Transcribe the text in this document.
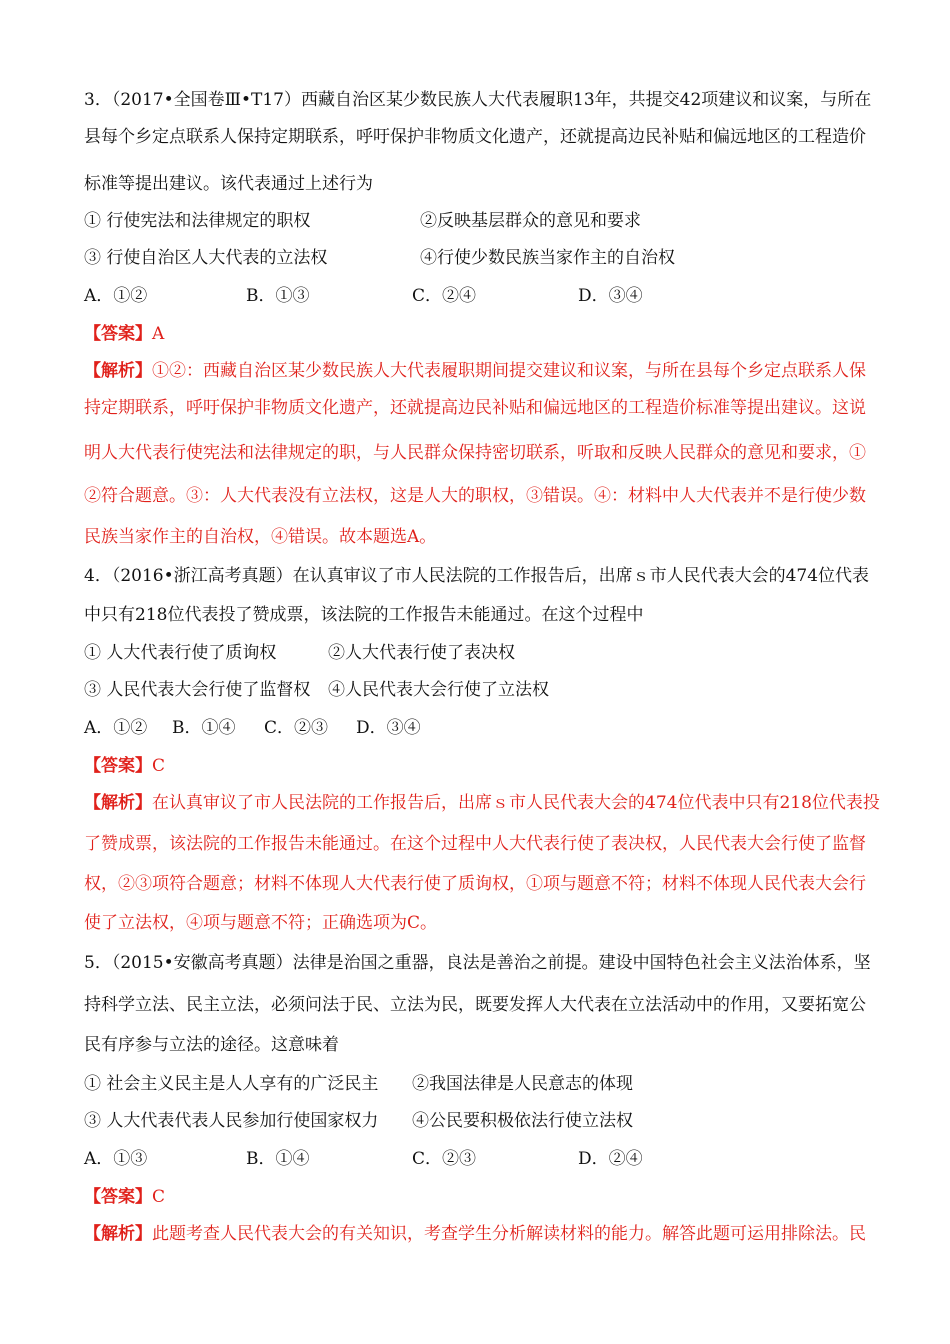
3．（2017•全国卷Ⅲ•T17）西藏自治区某少数民族人大代表履职13年，共提交42项建议和议案，与所在
县每个乡定点联系人保持定期联系，呼吁保护非物质文化遗产，还就提高边民补贴和偏远地区的工程造价
标准等提出建议。该代表通过上述行为
① 行使宪法和法律规定的职权	②反映基层群众的意见和要求
③ 行使自治区人大代表的立法权	④行使少数民族当家作主的自治权
A．①②	B．①③	C．②④	D．③④
【答案】A
【解析】①②：西藏自治区某少数民族人大代表履职期间提交建议和议案，与所在县每个乡定点联系人保
持定期联系，呼吁保护非物质文化遗产，还就提高边民补贴和偏远地区的工程造价标准等提出建议。这说
明人大代表行使宪法和法律规定的职，与人民群众保持密切联系，听取和反映人民群众的意见和要求，①
②符合题意。③：人大代表没有立法权，这是人大的职权，③错误。④：材料中人大代表并不是行使少数
民族当家作主的自治权，④错误。故本题选A。
4．（2016•浙江高考真题）在认真审议了市人民法院的工作报告后，出席ｓ市人民代表大会的474位代表
中只有218位代表投了赞成票，该法院的工作报告未能通过。在这个过程中
① 人大代表行使了质询权	②人大代表行使了表决权
③ 人民代表大会行使了监督权 ④人民代表大会行使了立法权
A．①② B．①④ C．②③ D．③④
【答案】C
【解析】在认真审议了市人民法院的工作报告后，出席ｓ市人民代表大会的474位代表中只有218位代表投
了赞成票，该法院的工作报告未能通过。在这个过程中人大代表行使了表决权，人民代表大会行使了监督
权，②③项符合题意；材料不体现人大代表行使了质询权，①项与题意不符；材料不体现人民代表大会行
使了立法权，④项与题意不符；正确选项为C。
5．（2015•安徽高考真题）法律是治国之重器，良法是善治之前提。建设中国特色社会主义法治体系，坚
持科学立法、民主立法，必须问法于民、立法为民，既要发挥人大代表在立法活动中的作用，又要拓宽公
民有序参与立法的途径。这意味着
① 社会主义民主是人人享有的广泛民主 ②我国法律是人民意志的体现
③ 人大代表代表人民参加行使国家权力 ④公民要积极依法行使立法权
A．①③	B．①④	C．②③	D．②④
【答案】C
【解析】此题考查人民代表大会的有关知识，考查学生分析解读材料的能力。解答此题可运用排除法。民
